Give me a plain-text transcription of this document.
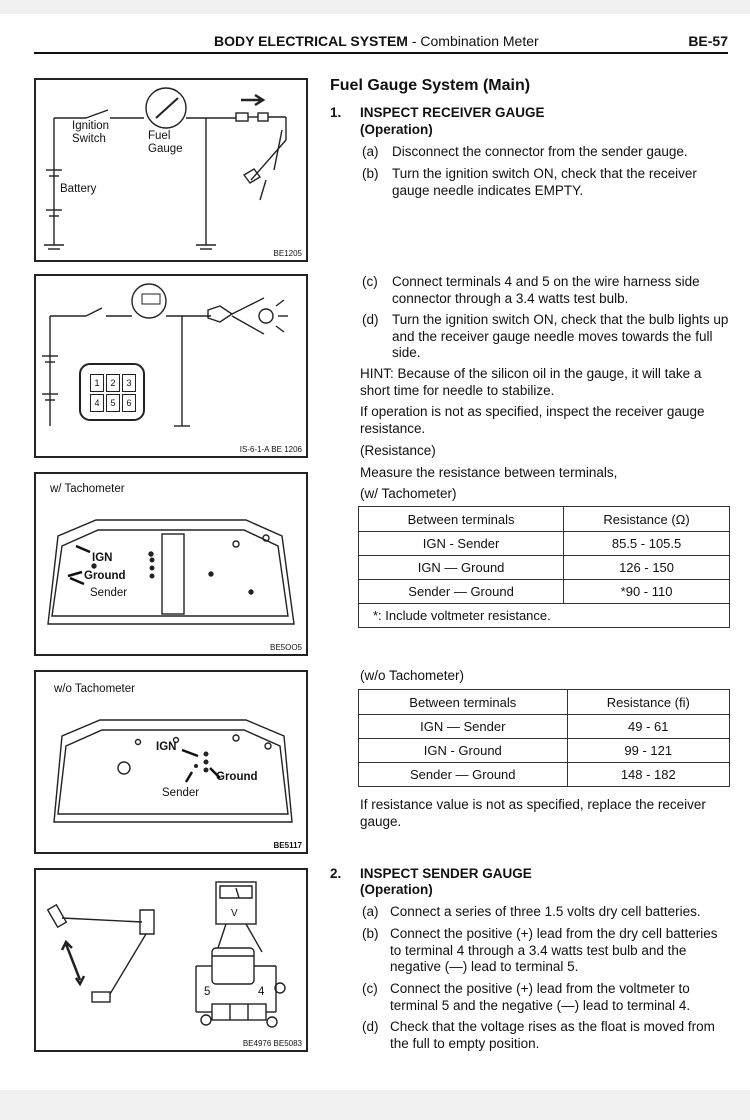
BODY ELECTRICAL SYSTEM - Combination Meter	BE-57
Ignition
Switch	Fuel
Gauge
Battery
BE1205
1	2	3
4	5	6
IS-6-1-A BE 1206
w/ Tachometer
IGN
Ground
Sender
BE5OO5
w/o Tachometer
IGN
Ground
Sender
BE5117
V
5	4
BE4976 BE5083
Fuel Gauge System (Main)
1. INSPECT RECEIVER GAUGE
(Operation)
(a) Disconnect the connector from the sender gauge.
(b) Turn the ignition switch ON, check that the receiver gauge needle indicates EMPTY.
(c) Connect terminals 4 and 5 on the wire harness side connector through a 3.4 watts test bulb.
(d) Turn the ignition switch ON, check that the bulb lights up and the receiver gauge needle moves towards the full side.
HINT: Because of the silicon oil in the gauge, it will take a short time for needle to stabilize.
If operation is not as specified, inspect the receiver gauge resistance.
(Resistance)
Measure the resistance between terminals,
(w/ Tachometer)
Between terminals	Resistance (Ω)
IGN - Sender	85.5 - 105.5
IGN — Ground	126 - 150
Sender — Ground	*90 - 110
*: Include voltmeter resistance.	
(w/o Tachometer)
Between terminals	Resistance (fi)
IGN — Sender	49 - 61
IGN - Ground	99 - 121
Sender — Ground	148 - 182
If resistance value is not as specified, replace the receiver gauge.
2. INSPECT SENDER GAUGE
(Operation)
(a) Connect a series of three 1.5 volts dry cell batteries.
(b) Connect the positive (+) lead from the dry cell batteries to terminal 4 through a 3.4 watts test bulb and the negative (—) lead to terminal 5.
(c) Connect the positive (+) lead from the voltmeter to terminal 5 and the negative (—) lead to terminal 4.
(d) Check that the voltage rises as the float is moved from the full to empty position.
